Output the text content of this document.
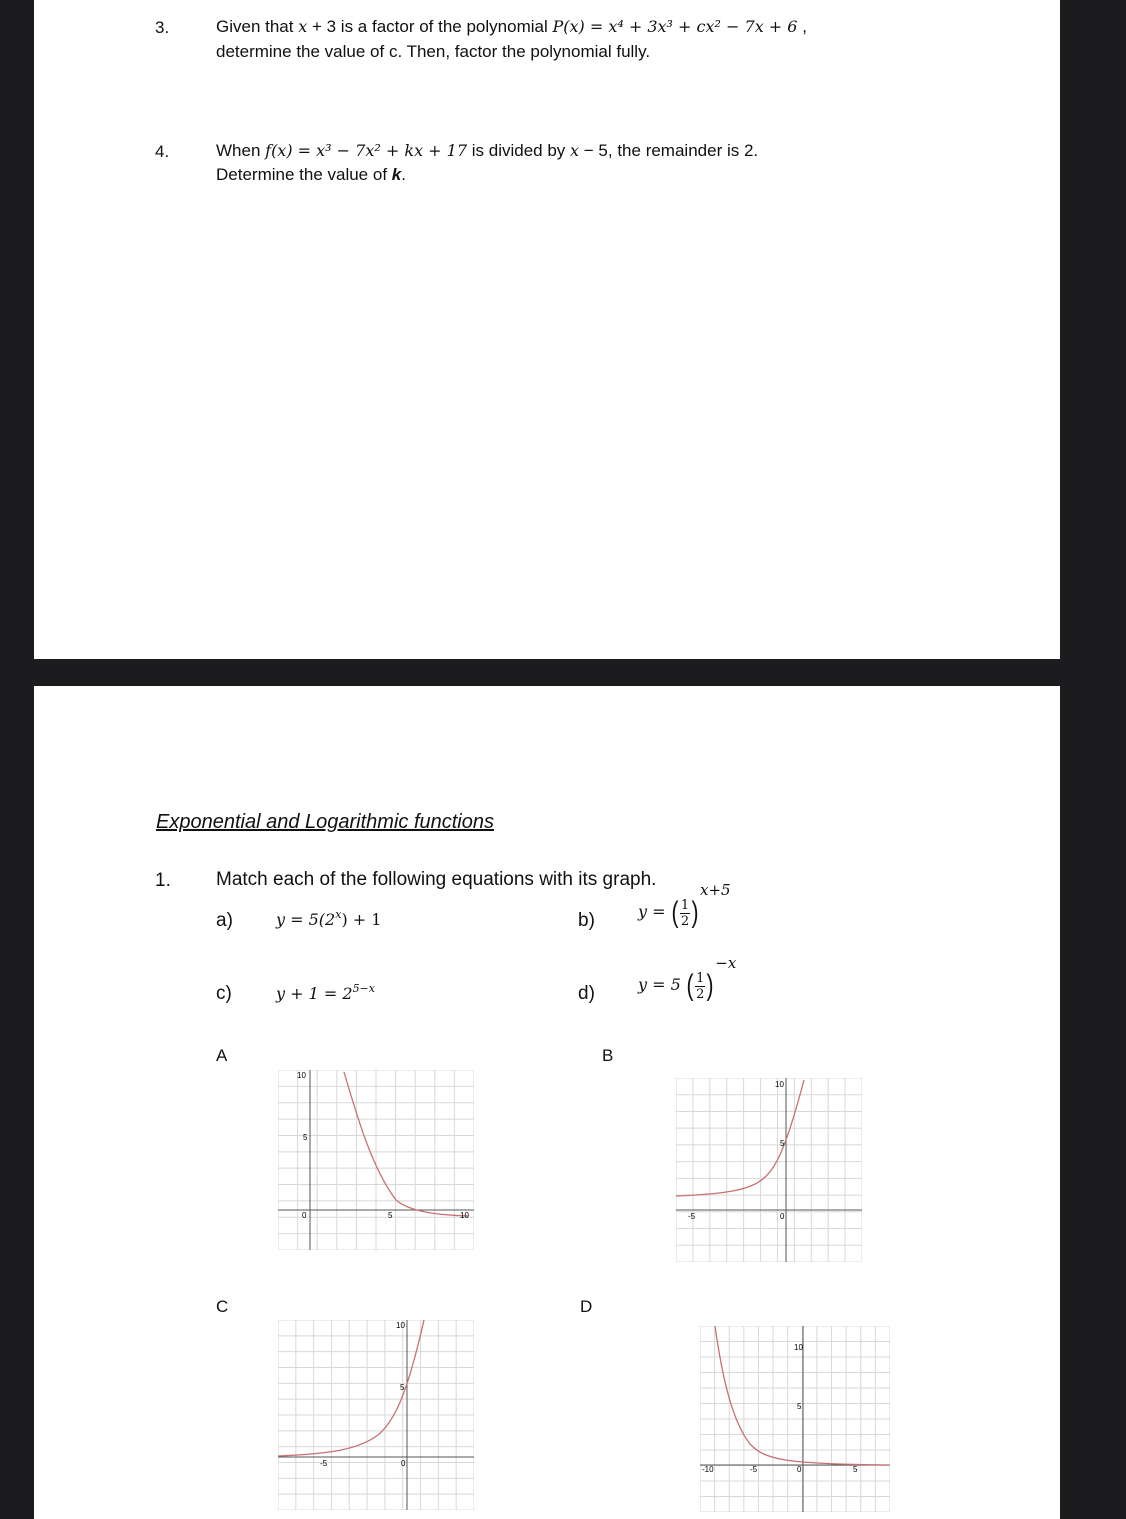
3.	Given that x + 3 is a factor of the polynomial P(x) = x⁴ + 3x³ + cx² − 7x + 6 ,
determine the value of c. Then, factor the polynomial fully.
4.	When f(x) = x³ − 7x² + kx + 17 is divided by x − 5, the remainder is 2.
Determine the value of k.
Exponential and Logarithmic functions
1. Match each of the following equations with its graph.
a)	$y = 5(2^x) + 1$	b)	y = ( $\frac{1}{2} )x+5$
c)	$y + 1 = 2^{5-x}$	d)	y = 5 ( $\frac{1}{2} )-x$
A	B
C	D
10
5
0	5	10
10
5
-5	0
10
5
-5	0
10
5
-10	-5	0	5
